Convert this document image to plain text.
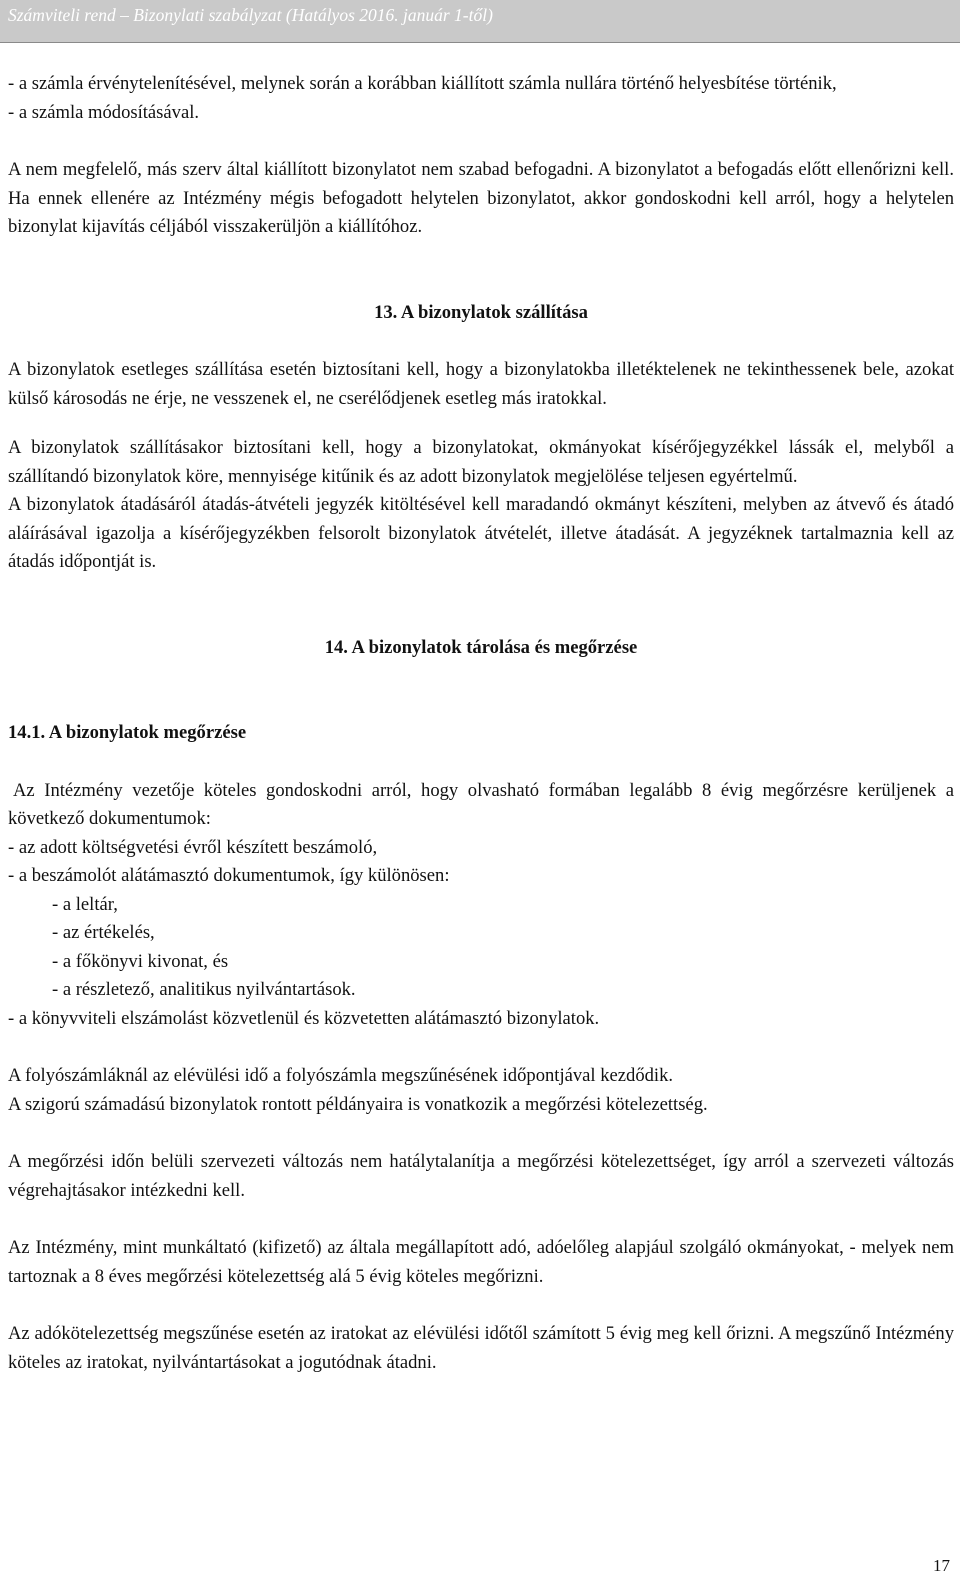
Számviteli rend – Bizonylati szabályzat (Hatályos 2016. január 1-től)

- a számla érvénytelenítésével, melynek során a korábban kiállított számla nullára történő helyesbítése történik,

- a számla módosításával.

A nem megfelelő, más szerv által kiállított bizonylatot nem szabad befogadni. A bizonylatot a befogadás előtt ellenőrizni kell. Ha ennek ellenére az Intézmény mégis befogadott helytelen bizonylatot, akkor gondoskodni kell arról, hogy a helytelen bizonylat kijavítás céljából visszakerüljön a kiállítóhoz.

13. A bizonylatok szállítása

A bizonylatok esetleges szállítása esetén biztosítani kell, hogy a bizonylatokba illetéktelenek ne tekinthessenek bele, azokat külső károsodás ne érje, ne vesszenek el, ne cserélődjenek esetleg más iratokkal.

A bizonylatok szállításakor biztosítani kell, hogy a bizonylatokat, okmányokat kísérőjegyzékkel lássák el, melyből a szállítandó bizonylatok köre, mennyisége kitűnik és az adott bizonylatok megjelölése teljesen egyértelmű.

A bizonylatok átadásáról átadás-átvételi jegyzék kitöltésével kell maradandó okmányt készíteni, melyben az átvevő és átadó aláírásával igazolja a kísérőjegyzékben felsorolt bizonylatok átvételét, illetve átadását. A jegyzéknek tartalmaznia kell az átadás időpontját is.

14. A bizonylatok tárolása és megőrzése

14.1. A bizonylatok megőrzése

Az Intézmény vezetője köteles gondoskodni arról, hogy olvasható formában legalább 8 évig megőrzésre kerüljenek a következő dokumentumok:

- az adott költségvetési évről készített beszámoló,

- a beszámolót alátámasztó dokumentumok, így különösen:

- a leltár,

- az értékelés,

- a főkönyvi kivonat, és

- a részletező, analitikus nyilvántartások.

- a könyvviteli elszámolást közvetlenül és közvetetten alátámasztó bizonylatok.

A folyószámláknál az elévülési idő a folyószámla megszűnésének időpontjával kezdődik.

A szigorú számadású bizonylatok rontott példányaira is vonatkozik a megőrzési kötelezettség.

A megőrzési időn belüli szervezeti változás nem hatálytalanítja a megőrzési kötelezettséget, így arról a szervezeti változás végrehajtásakor intézkedni kell.

Az Intézmény, mint munkáltató (kifizető) az általa megállapított adó, adóelőleg alapjául szolgáló okmányokat, - melyek nem tartoznak a 8 éves megőrzési kötelezettség alá 5 évig köteles megőrizni.

Az adókötelezettség megszűnése esetén az iratokat az elévülési időtől számított 5 évig meg kell őrizni. A megszűnő Intézmény köteles az iratokat, nyilvántartásokat a jogutódnak átadni.

17
